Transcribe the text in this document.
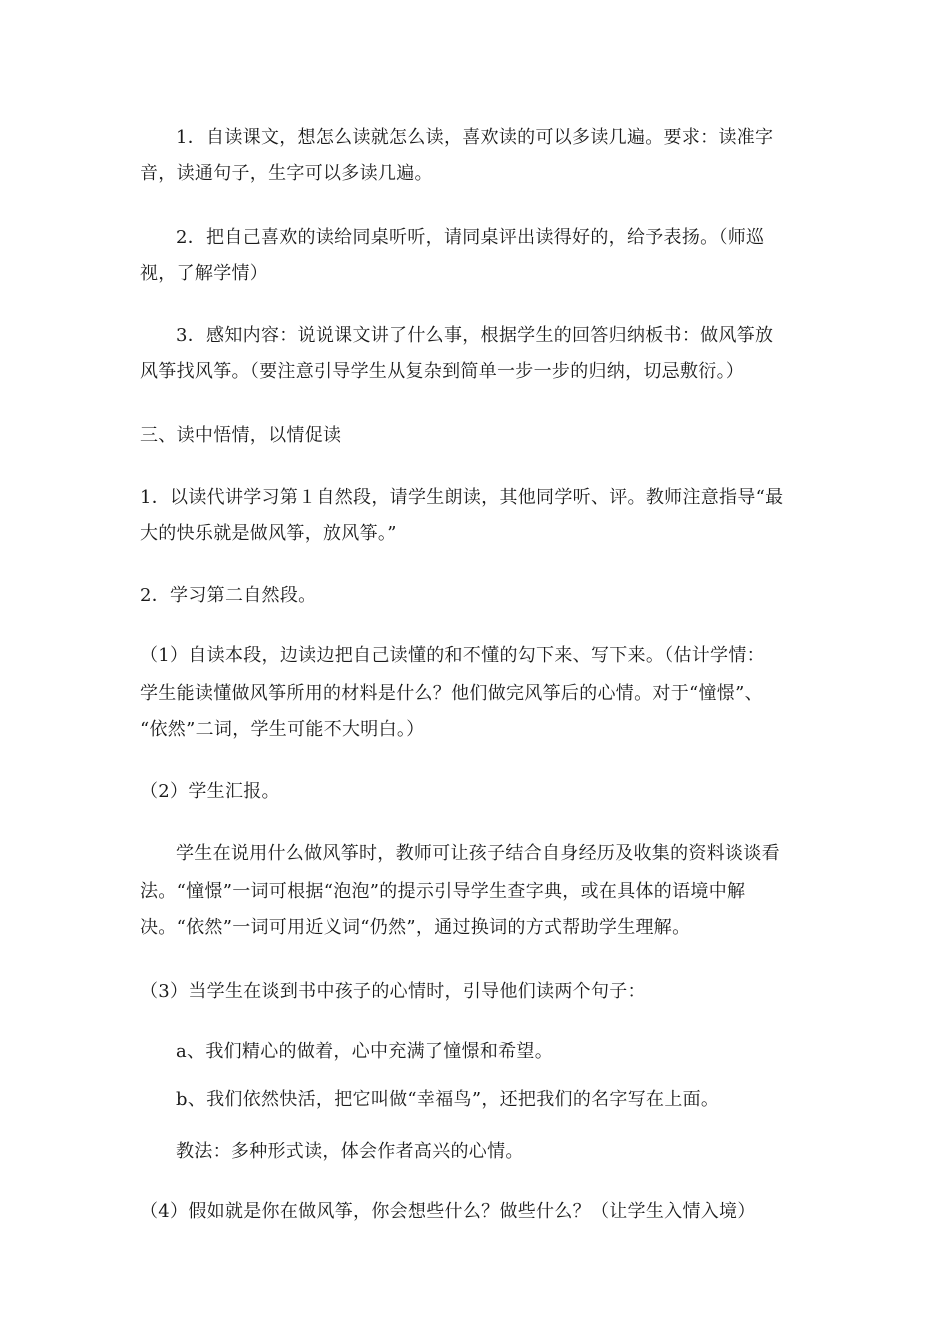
1．自读课文，想怎么读就怎么读，喜欢读的可以多读几遍。要求：读准字
音，读通句子，生字可以多读几遍。
2．把自己喜欢的读给同桌听听，请同桌评出读得好的，给予表扬。（师巡
视，了解学情）
3．感知内容：说说课文讲了什么事，根据学生的回答归纳板书：做风筝放
风筝找风筝。（要注意引导学生从复杂到简单一步一步的归纳，切忌敷衍。）
三、读中悟情，以情促读
1．以读代讲学习第１自然段，请学生朗读，其他同学听、评。教师注意指导“最
大的快乐就是做风筝，放风筝。”
2．学习第二自然段。
（1）自读本段，边读边把自己读懂的和不懂的勾下来、写下来。（估计学情：
学生能读懂做风筝所用的材料是什么？他们做完风筝后的心情。对于“憧憬”、
“依然”二词，学生可能不大明白。）
（2）学生汇报。
学生在说用什么做风筝时，教师可让孩子结合自身经历及收集的资料谈谈看
法。“憧憬”一词可根据“泡泡”的提示引导学生查字典，或在具体的语境中解
决。“依然”一词可用近义词“仍然”，通过换词的方式帮助学生理解。
（3）当学生在谈到书中孩子的心情时，引导他们读两个句子：
a、我们精心的做着，心中充满了憧憬和希望。
b、我们依然快活，把它叫做“幸福鸟”，还把我们的名字写在上面。
教法：多种形式读，体会作者高兴的心情。
（4）假如就是你在做风筝，你会想些什么？做些什么？（让学生入情入境）
